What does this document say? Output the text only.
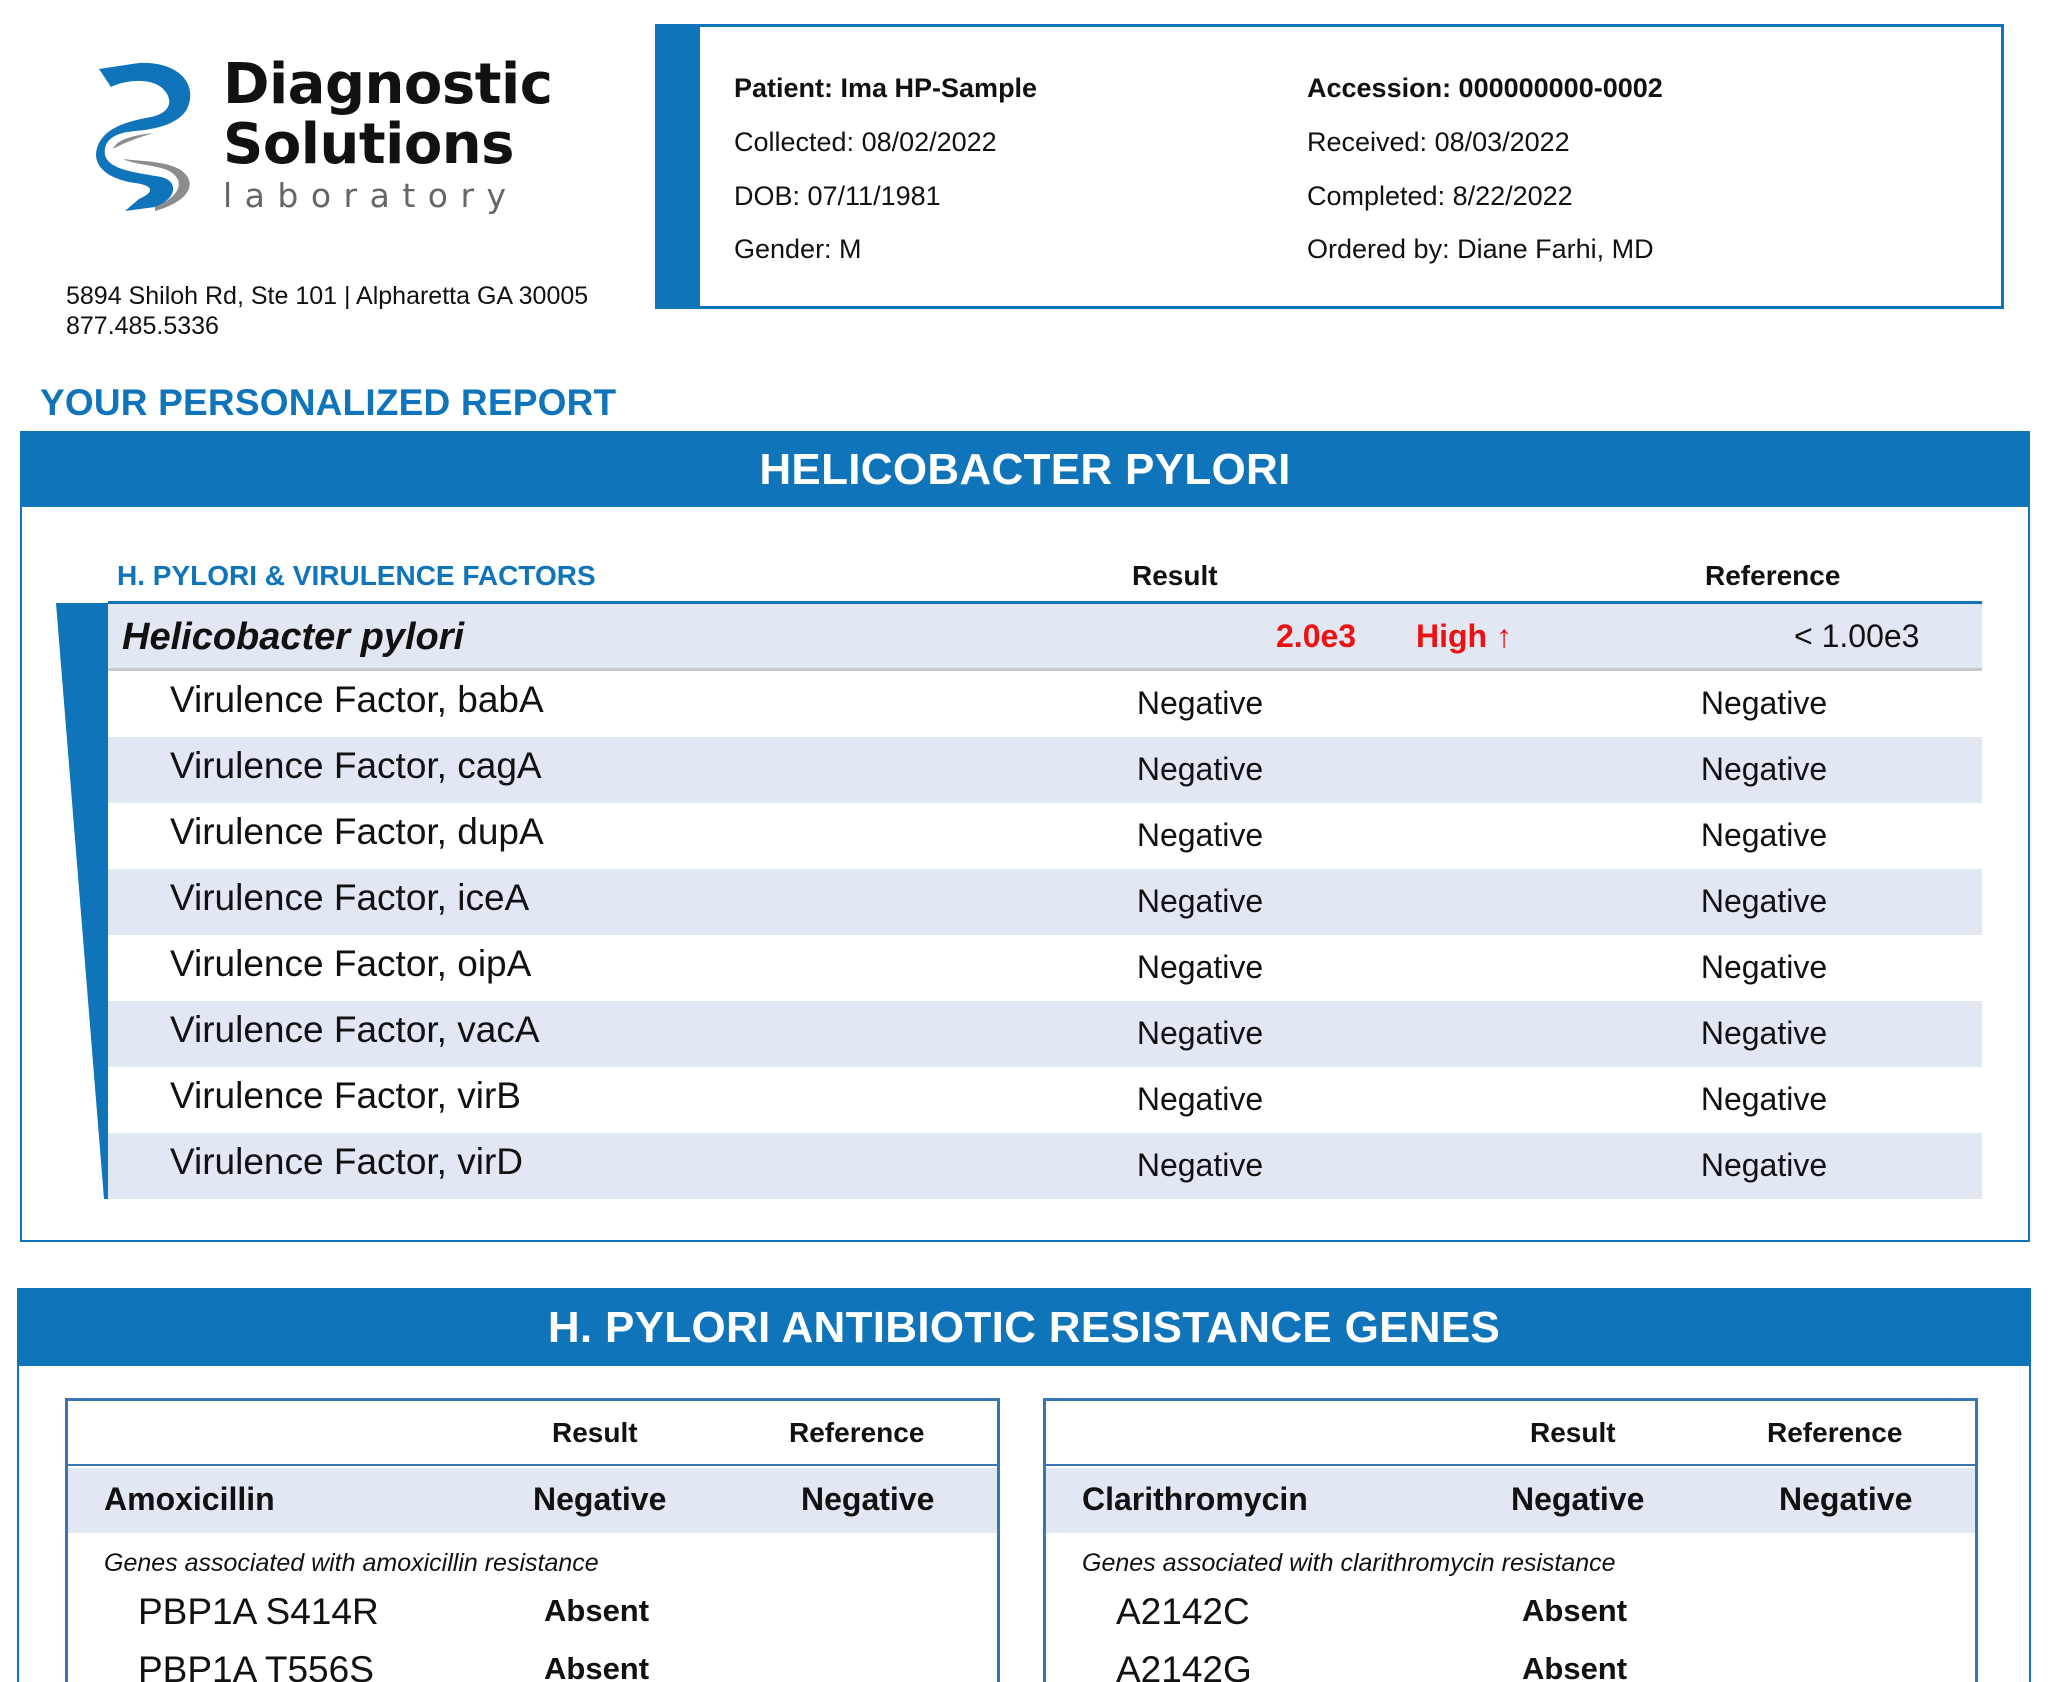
Diagnostic
Solutions
laboratory
5894 Shiloh Rd, Ste 101 | Alpharetta GA 30005
877.485.5336
Patient: Ima HP-Sample
Collected: 08/02/2022
DOB: 07/11/1981
Gender: M
Accession: 000000000-0002
Received: 08/03/2022
Completed: 8/22/2022
Ordered by: Diane Farhi, MD
YOUR PERSONALIZED REPORT
HELICOBACTER PYLORI
H. PYLORI & VIRULENCE FACTORS	Result	Reference
Helicobacter pylori	2.0e3 High ↑	< 1.00e3
Virulence Factor, babA	Negative	Negative
Virulence Factor, cagA	Negative	Negative
Virulence Factor, dupA	Negative	Negative
Virulence Factor, iceA	Negative	Negative
Virulence Factor, oipA	Negative	Negative
Virulence Factor, vacA	Negative	Negative
Virulence Factor, virB	Negative	Negative
Virulence Factor, virD	Negative	Negative
H. PYLORI ANTIBIOTIC RESISTANCE GENES
Result	Reference
Amoxicillin	Negative	Negative
Genes associated with amoxicillin resistance
PBP1A S414R	Absent
PBP1A T556S	Absent
Result	Reference
Clarithromycin	Negative	Negative
Genes associated with clarithromycin resistance
A2142C	Absent
A2142G	Absent
